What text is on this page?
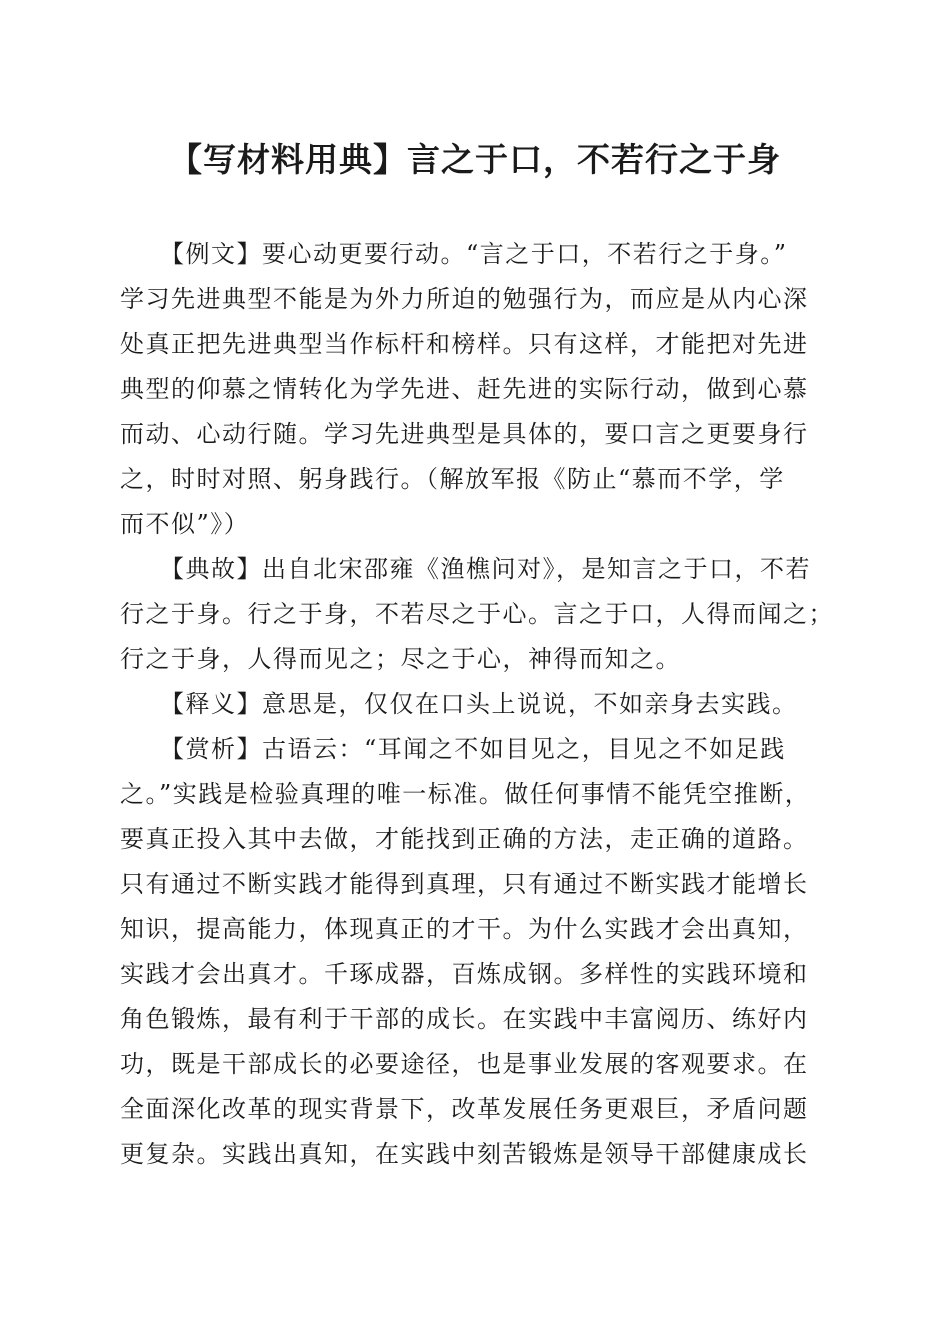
【写材料用典】言之于口，不若行之于身
【例文】要心动更要行动。“言之于口，不若行之于身。”
学习先进典型不能是为外力所迫的勉强行为，而应是从内心深
处真正把先进典型当作标杆和榜样。只有这样，才能把对先进
典型的仰慕之情转化为学先进、赶先进的实际行动，做到心慕
而动、心动行随。学习先进典型是具体的，要口言之更要身行
之，时时对照、躬身践行。（解放军报《防止“慕而不学，学
而不似”》）
【典故】出自北宋邵雍《渔樵问对》，是知言之于口，不若
行之于身。行之于身，不若尽之于心。言之于口，人得而闻之；
行之于身，人得而见之；尽之于心，神得而知之。
【释义】意思是，仅仅在口头上说说，不如亲身去实践。
【赏析】古语云：“耳闻之不如目见之，目见之不如足践
之。”实践是检验真理的唯一标准。做任何事情不能凭空推断，
要真正投入其中去做，才能找到正确的方法，走正确的道路。
只有通过不断实践才能得到真理，只有通过不断实践才能增长
知识，提高能力，体现真正的才干。为什么实践才会出真知，
实践才会出真才。千琢成器，百炼成钢。多样性的实践环境和
角色锻炼，最有利于干部的成长。在实践中丰富阅历、练好内
功，既是干部成长的必要途径，也是事业发展的客观要求。在
全面深化改革的现实背景下，改革发展任务更艰巨，矛盾问题
更复杂。实践出真知，在实践中刻苦锻炼是领导干部健康成长
